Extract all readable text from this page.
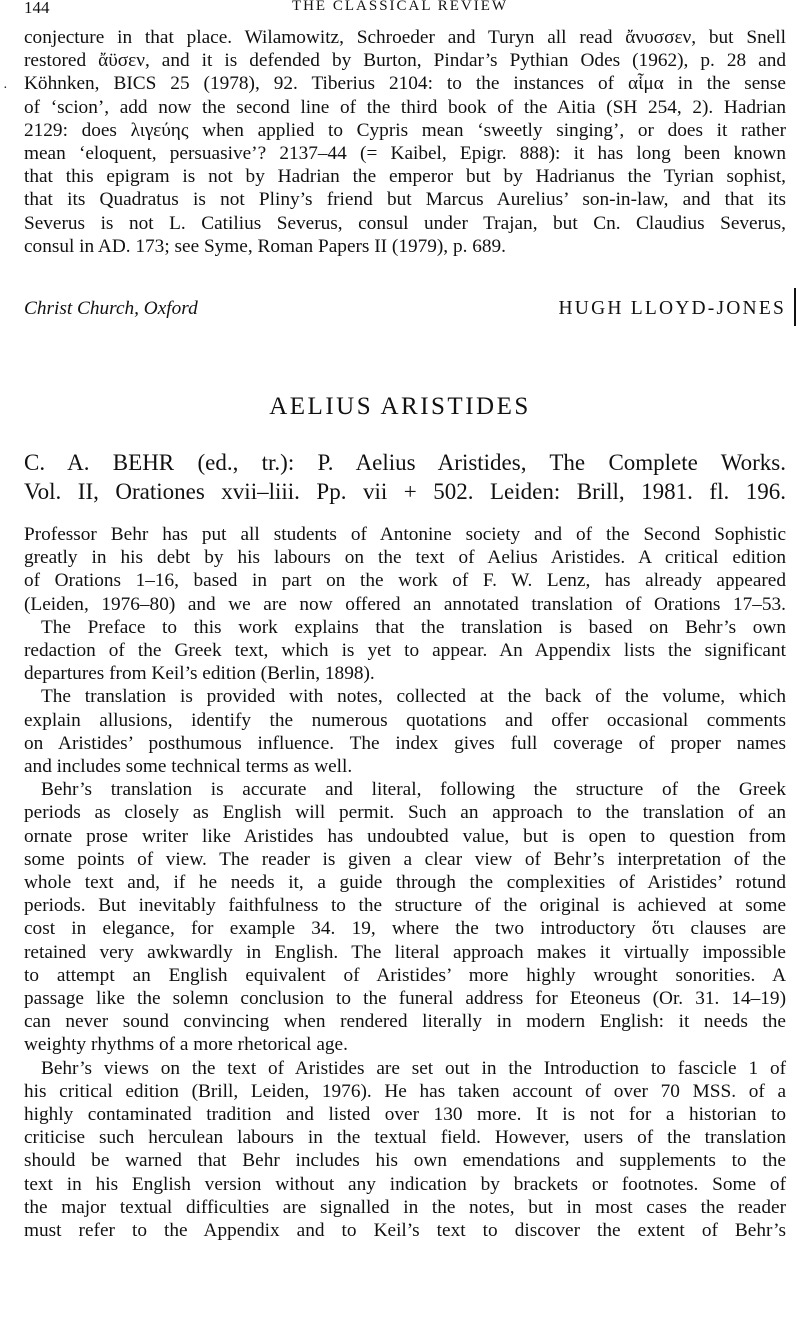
144	THE CLASSICAL REVIEW
conjecture in that place. Wilamowitz, Schroeder and Turyn all read ἄνυσσεν, but Snell
restored ἄϋσεν, and it is defended by Burton, Pindar’s Pythian Odes (1962), p. 28 and
Köhnken, BICS 25 (1978), 92. Tiberius 2104: to the instances of αἷμα in the sense
of ‘scion’, add now the second line of the third book of the Aitia (SH 254, 2). Hadrian
2129: does λιγεύης when applied to Cypris mean ‘sweetly singing’, or does it rather
mean ‘eloquent, persuasive’? 2137–44 (= Kaibel, Epigr. 888): it has long been known
that this epigram is not by Hadrian the emperor but by Hadrianus the Tyrian sophist,
that its Quadratus is not Pliny’s friend but Marcus Aurelius’ son-in-law, and that its
Severus is not L. Catilius Severus, consul under Trajan, but Cn. Claudius Severus,
consul in AD. 173; see Syme, Roman Papers II (1979), p. 689.
·
Christ Church, Oxford	HUGH LLOYD-JONES
AELIUS ARISTIDES
C. A. BEHR (ed., tr.): P. Aelius Aristides, The Complete Works.
Vol. II, Orationes xvii–liii. Pp. vii + 502. Leiden: Brill, 1981. fl. 196.
Professor Behr has put all students of Antonine society and of the Second Sophistic
greatly in his debt by his labours on the text of Aelius Aristides. A critical edition
of Orations 1–16, based in part on the work of F. W. Lenz, has already appeared
(Leiden, 1976–80) and we are now offered an annotated translation of Orations 17–53.
The Preface to this work explains that the translation is based on Behr’s own
redaction of the Greek text, which is yet to appear. An Appendix lists the significant
departures from Keil’s edition (Berlin, 1898).
The translation is provided with notes, collected at the back of the volume, which
explain allusions, identify the numerous quotations and offer occasional comments
on Aristides’ posthumous influence. The index gives full coverage of proper names
and includes some technical terms as well.
Behr’s translation is accurate and literal, following the structure of the Greek
periods as closely as English will permit. Such an approach to the translation of an
ornate prose writer like Aristides has undoubted value, but is open to question from
some points of view. The reader is given a clear view of Behr’s interpretation of the
whole text and, if he needs it, a guide through the complexities of Aristides’ rotund
periods. But inevitably faithfulness to the structure of the original is achieved at some
cost in elegance, for example 34. 19, where the two introductory ὅτι clauses are
retained very awkwardly in English. The literal approach makes it virtually impossible
to attempt an English equivalent of Aristides’ more highly wrought sonorities. A
passage like the solemn conclusion to the funeral address for Eteoneus (Or. 31. 14–19)
can never sound convincing when rendered literally in modern English: it needs the
weighty rhythms of a more rhetorical age.
Behr’s views on the text of Aristides are set out in the Introduction to fascicle 1 of
his critical edition (Brill, Leiden, 1976). He has taken account of over 70 MSS. of a
highly contaminated tradition and listed over 130 more. It is not for a historian to
criticise such herculean labours in the textual field. However, users of the translation
should be warned that Behr includes his own emendations and supplements to the
text in his English version without any indication by brackets or footnotes. Some of
the major textual difficulties are signalled in the notes, but in most cases the reader
must refer to the Appendix and to Keil’s text to discover the extent of Behr’s
